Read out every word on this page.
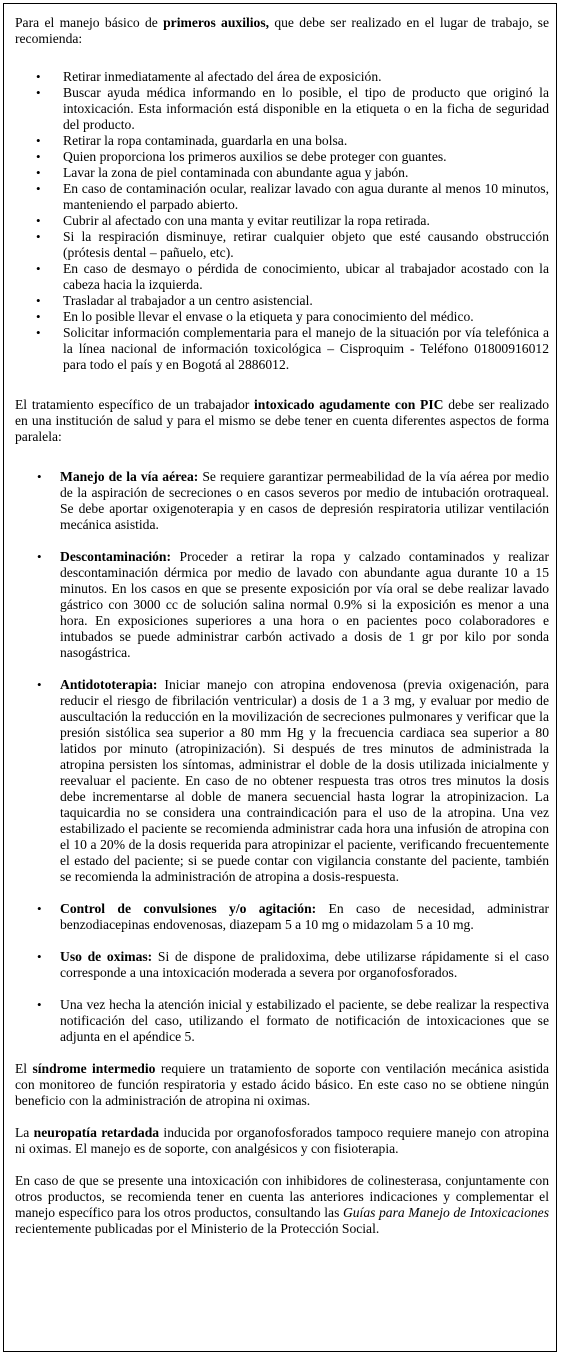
Para el manejo básico de primeros auxilios, que debe ser realizado en el lugar de trabajo, se recomienda:

• Retirar inmediatamente al afectado del área de exposición.
• Buscar ayuda médica informando en lo posible, el tipo de producto que originó la intoxicación. Esta información está disponible en la etiqueta o en la ficha de seguridad del producto.
• Retirar la ropa contaminada, guardarla en una bolsa.
• Quien proporciona los primeros auxilios se debe proteger con guantes.
• Lavar la zona de piel contaminada con abundante agua y jabón.
• En caso de contaminación ocular, realizar lavado con agua durante al menos 10 minutos, manteniendo el parpado abierto.
• Cubrir al afectado con una manta y evitar reutilizar la ropa retirada.
• Si la respiración disminuye, retirar cualquier objeto que esté causando obstrucción (prótesis dental – pañuelo, etc).
• En caso de desmayo o pérdida de conocimiento, ubicar al trabajador acostado con la cabeza hacia la izquierda.
• Trasladar al trabajador a un centro asistencial.
• En lo posible llevar el envase o la etiqueta y para conocimiento del médico.
• Solicitar información complementaria para el manejo de la situación por vía telefónica a la línea nacional de información toxicológica – Cisproquim - Teléfono 01800916012 para todo el país y en Bogotá al 2886012.

El tratamiento específico de un trabajador intoxicado agudamente con PIC debe ser realizado en una institución de salud y para el mismo se debe tener en cuenta diferentes aspectos de forma paralela:

• Manejo de la vía aérea: Se requiere garantizar permeabilidad de la vía aérea por medio de la aspiración de secreciones o en casos severos por medio de intubación orotraqueal. Se debe aportar oxigenoterapia y en casos de depresión respiratoria utilizar ventilación mecánica asistida.
• Descontaminación: Proceder a retirar la ropa y calzado contaminados y realizar descontaminación dérmica por medio de lavado con abundante agua durante 10 a 15 minutos. En los casos en que se presente exposición por vía oral se debe realizar lavado gástrico con 3000 cc de solución salina normal 0.9% si la exposición es menor a una hora. En exposiciones superiores a una hora o en pacientes poco colaboradores e intubados se puede administrar carbón activado a dosis de 1 gr por kilo por sonda nasogástrica.
• Antidototerapia: Iniciar manejo con atropina endovenosa (previa oxigenación, para reducir el riesgo de fibrilación ventricular) a dosis de 1 a 3 mg, y evaluar por medio de auscultación la reducción en la movilización de secreciones pulmonares y verificar que la presión sistólica sea superior a 80 mm Hg y la frecuencia cardiaca sea superior a 80 latidos por minuto (atropinización). Si después de tres minutos de administrada la atropina persisten los síntomas, administrar el doble de la dosis utilizada inicialmente y reevaluar el paciente. En caso de no obtener respuesta tras otros tres minutos la dosis debe incrementarse al doble de manera secuencial hasta lograr la atropinizacion. La taquicardia no se considera una contraindicación para el uso de la atropina. Una vez estabilizado el paciente se recomienda administrar cada hora una infusión de atropina con el 10 a 20% de la dosis requerida para atropinizar el paciente, verificando frecuentemente el estado del paciente; si se puede contar con vigilancia constante del paciente, también se recomienda la administración de atropina a dosis-respuesta.
• Control de convulsiones y/o agitación: En caso de necesidad, administrar benzodiacepinas endovenosas, diazepam 5 a 10 mg o midazolam 5 a 10 mg.
• Uso de oximas: Si de dispone de pralidoxima, debe utilizarse rápidamente si el caso corresponde a una intoxicación moderada a severa por organofosforados.
• Una vez hecha la atención inicial y estabilizado el paciente, se debe realizar la respectiva notificación del caso, utilizando el formato de notificación de intoxicaciones que se adjunta en el apéndice 5.

El síndrome intermedio requiere un tratamiento de soporte con ventilación mecánica asistida con monitoreo de función respiratoria y estado ácido básico. En este caso no se obtiene ningún beneficio con la administración de atropina ni oximas.

La neuropatía retardada inducida por organofosforados tampoco requiere manejo con atropina ni oximas. El manejo es de soporte, con analgésicos y con fisioterapia.

En caso de que se presente una intoxicación con inhibidores de colinesterasa, conjuntamente con otros productos, se recomienda tener en cuenta las anteriores indicaciones y complementar el manejo específico para los otros productos, consultando las Guías para Manejo de Intoxicaciones recientemente publicadas por el Ministerio de la Protección Social.
